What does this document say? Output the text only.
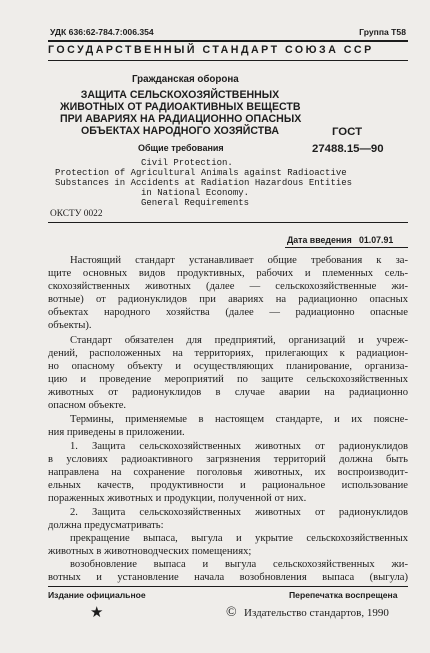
УДК 636:62-784.7:006.354	Группа Т58
ГОСУДАРСТВЕННЫЙ СТАНДАРТ СОЮЗА ССР
Гражданская оборона
ЗАЩИТА СЕЛЬСКОХОЗЯЙСТВЕННЫХ
ЖИВОТНЫХ ОТ РАДИОАКТИВНЫХ ВЕЩЕСТВ
ПРИ АВАРИЯХ НА РАДИАЦИОННО ОПАСНЫХ
ОБЪЕКТАХ НАРОДНОГО ХОЗЯЙСТВА
Общие требования
ГОСТ
27488.15—90
Civil Protection.
Protection of Agricultural Animals against Radioactive
Substances in Accidents at Radiation Hazardous Entities
in National Economy.
General Requirements
ОКСТУ 0022
Дата введения 01.07.91
Настоящий стандарт устанавливает общие требования к за-
щите основных видов продуктивных, рабочих и племенных сель-
скохозяйственных животных (далее — сельскохозяйственные жи-
вотные) от радионуклидов при авариях на радиационно опасных
объектах народного хозяйства (далее — радиационно опасные
объекты).
Стандарт обязателен для предприятий, организаций и учреж-
дений, расположенных на территориях, прилегающих к радиацион-
но опасному объекту и осуществляющих планирование, организа-
цию и проведение мероприятий по защите сельскохозяйственных
животных от радионуклидов в случае аварии на радиационно
опасном объекте.
Термины, применяемые в настоящем стандарте, и их поясне-
ния приведены в приложении.
1. Защита сельскохозяйственных животных от радионуклидов
в условиях радиоактивного загрязнения территорий должна быть
направлена на сохранение поголовья животных, их воспроизводит-
ельных качеств, продуктивности и рациональное использование
пораженных животных и продукции, полученной от них.
2. Защита сельскохозяйственных животных от радионуклидов
должна предусматривать:
прекращение выпаса, выгула и укрытие сельскохозяйственных
животных в животноводческих помещениях;
возобновление выпаса и выгула сельскохозяйственных жи-
вотных и установление начала возобновления выпаса (выгула)
Издание официальное	Перепечатка воспрещена
★	© Издательство стандартов, 1990
